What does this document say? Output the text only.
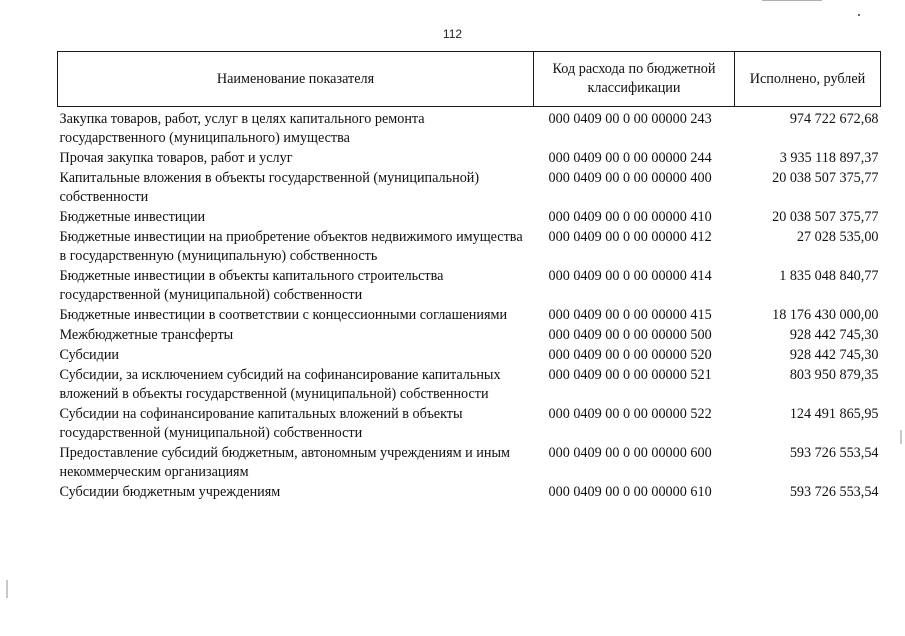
112
Наименование показателя	Код расхода по бюджетной классификации	Исполнено, рублей
Закупка товаров, работ, услуг в целях капитального ремонта государственного (муниципального) имущества	000 0409 00 0 00 00000 243	974 722 672,68
Прочая закупка товаров, работ и услуг	000 0409 00 0 00 00000 244	3 935 118 897,37
Капитальные вложения в объекты государственной (муниципальной) собственности	000 0409 00 0 00 00000 400	20 038 507 375,77
Бюджетные инвестиции	000 0409 00 0 00 00000 410	20 038 507 375,77
Бюджетные инвестиции на приобретение объектов недвижимого имущества в государственную (муниципальную) собственность	000 0409 00 0 00 00000 412	27 028 535,00
Бюджетные инвестиции в объекты капитального строительства государственной (муниципальной) собственности	000 0409 00 0 00 00000 414	1 835 048 840,77
Бюджетные инвестиции в соответствии с концессионными соглашениями	000 0409 00 0 00 00000 415	18 176 430 000,00
Межбюджетные трансферты	000 0409 00 0 00 00000 500	928 442 745,30
Субсидии	000 0409 00 0 00 00000 520	928 442 745,30
Субсидии, за исключением субсидий на софинансирование капитальных вложений в объекты государственной (муниципальной) собственности	000 0409 00 0 00 00000 521	803 950 879,35
Субсидии на софинансирование капитальных вложений в объекты государственной (муниципальной) собственности	000 0409 00 0 00 00000 522	124 491 865,95
Предоставление субсидий бюджетным, автономным учреждениям и иным некоммерческим организациям	000 0409 00 0 00 00000 600	593 726 553,54
Субсидии бюджетным учреждениям	000 0409 00 0 00 00000 610	593 726 553,54
